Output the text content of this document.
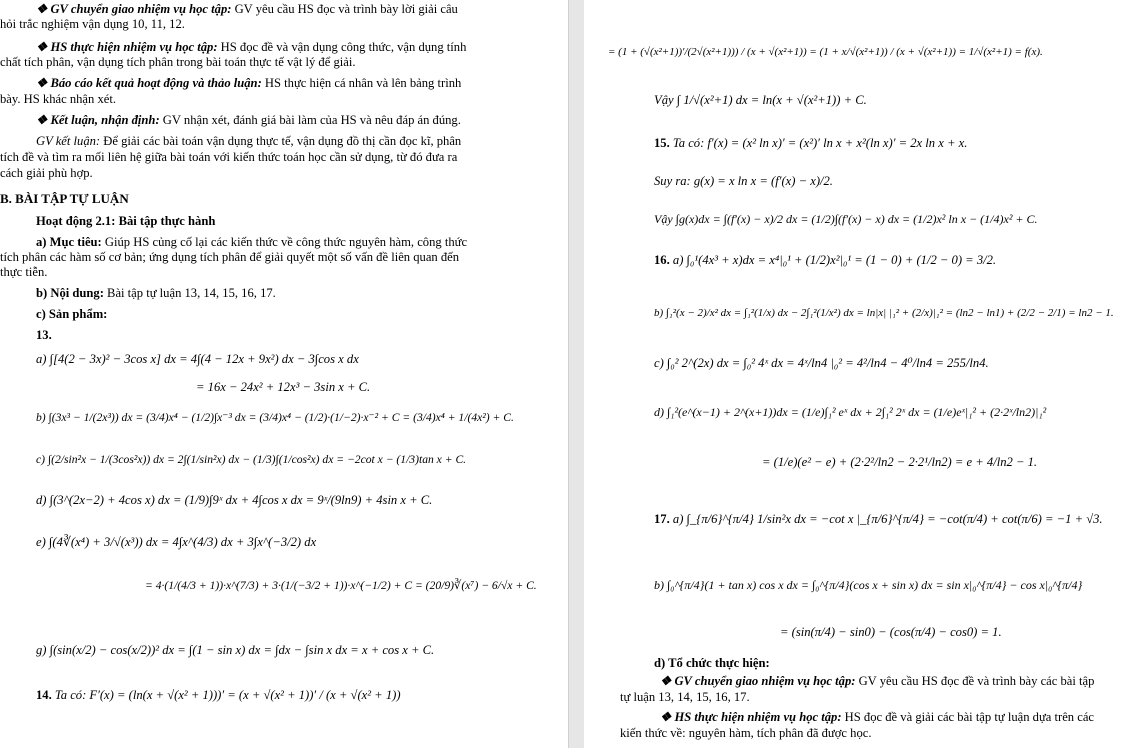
❖ GV chuyển giao nhiệm vụ học tập: GV yêu cầu HS đọc và trình bày lời giải câu
hỏi trắc nghiệm vận dụng 10, 11, 12.
❖ HS thực hiện nhiệm vụ học tập: HS đọc đề và vận dụng công thức, vận dụng tính
chất tích phân, vận dụng tích phân trong bài toán thực tế vật lý để giải.
❖ Báo cáo kết quả hoạt động và thảo luận: HS thực hiện cá nhân và lên bảng trình
bày. HS khác nhận xét.
❖ Kết luận, nhận định: GV nhận xét, đánh giá bài làm của HS và nêu đáp án đúng.
GV kết luận: Để giải các bài toán vận dụng thực tế, vận dụng đồ thị cần đọc kĩ, phân
tích đề và tìm ra mối liên hệ giữa bài toán với kiến thức toán học cần sử dụng, từ đó đưa ra
cách giải phù hợp.
B. BÀI TẬP TỰ LUẬN
Hoạt động 2.1: Bài tập thực hành
a) Mục tiêu: Giúp HS củng cố lại các kiến thức về công thức nguyên hàm, công thức
tích phân các hàm số cơ bản; ứng dụng tích phân để giải quyết một số vấn đề liên quan đến
thực tiễn.
b) Nội dung: Bài tập tự luận 13, 14, 15, 16, 17.
c) Sản phẩm:
13.
a) ∫[4(2 − 3x)² − 3cos x] dx = 4∫(4 − 12x + 9x²) dx − 3∫cos x dx
= 16x − 24x² + 12x³ − 3sin x + C.
b) ∫(3x³ − 1/(2x³)) dx = (3/4)x⁴ − (1/2)∫x⁻³ dx = (3/4)x⁴ − (1/2)·(1/−2)·x⁻² + C = (3/4)x⁴ + 1/(4x²) + C.
c) ∫(2/sin²x − 1/(3cos²x)) dx = 2∫(1/sin²x) dx − (1/3)∫(1/cos²x) dx = −2cot x − (1/3)tan x + C.
d) ∫(3^(2x−2) + 4cos x) dx = (1/9)∫9ˣ dx + 4∫cos x dx = 9ˣ/(9ln9) + 4sin x + C.
e) ∫(4∛(x⁴) + 3/√(x³)) dx = 4∫x^(4/3) dx + 3∫x^(−3/2) dx
= 4·(1/(4/3 + 1))·x^(7/3) + 3·(1/(−3/2 + 1))·x^(−1/2) + C = (20/9)∛(x⁷) − 6/√x + C.
g) ∫(sin(x/2) − cos(x/2))² dx = ∫(1 − sin x) dx = ∫dx − ∫sin x dx = x + cos x + C.
14. Ta có: F′(x) = (ln(x + √(x² + 1)))′ = (x + √(x² + 1))′ / (x + √(x² + 1))
= (1 + (√(x²+1))′/(2√(x²+1))) / (x + √(x²+1)) = (1 + x/√(x²+1)) / (x + √(x²+1)) = 1/√(x²+1) = f(x).
Vậy ∫ 1/√(x²+1) dx = ln(x + √(x²+1)) + C.
15. Ta có: f′(x) = (x² ln x)′ = (x²)′ ln x + x²(ln x)′ = 2x ln x + x.
Suy ra: g(x) = x ln x = (f′(x) − x)/2.
Vậy ∫g(x)dx = ∫(f′(x) − x)/2 dx = (1/2)∫(f′(x) − x) dx = (1/2)x² ln x − (1/4)x² + C.
16. a) ∫₀¹(4x³ + x)dx = x⁴|₀¹ + (1/2)x²|₀¹ = (1 − 0) + (1/2 − 0) = 3/2.
b) ∫₁²(x − 2)/x² dx = ∫₁²(1/x) dx − 2∫₁²(1/x²) dx = ln|x| |₁² + (2/x)|₁² = (ln2 − ln1) + (2/2 − 2/1) = ln2 − 1.
c) ∫₀² 2^(2x) dx = ∫₀² 4ˣ dx = 4ˣ/ln4 |₀² = 4²/ln4 − 4⁰/ln4 = 255/ln4.
d) ∫₁²(e^(x−1) + 2^(x+1))dx = (1/e)∫₁² eˣ dx + 2∫₁² 2ˣ dx = (1/e)eˣ|₁² + (2·2ˣ/ln2)|₁²
= (1/e)(e² − e) + (2·2²/ln2 − 2·2¹/ln2) = e + 4/ln2 − 1.
17. a) ∫_{π/6}^{π/4} 1/sin²x dx = −cot x |_{π/6}^{π/4} = −cot(π/4) + cot(π/6) = −1 + √3.
b) ∫₀^{π/4}(1 + tan x) cos x dx = ∫₀^{π/4}(cos x + sin x) dx = sin x|₀^{π/4} − cos x|₀^{π/4}
= (sin(π/4) − sin0) − (cos(π/4) − cos0) = 1.
d) Tổ chức thực hiện:
❖ GV chuyển giao nhiệm vụ học tập: GV yêu cầu HS đọc đề và trình bày các bài tập
tự luận 13, 14, 15, 16, 17.
❖ HS thực hiện nhiệm vụ học tập: HS đọc đề và giải các bài tập tự luận dựa trên các
kiến thức về: nguyên hàm, tích phân đã được học.
